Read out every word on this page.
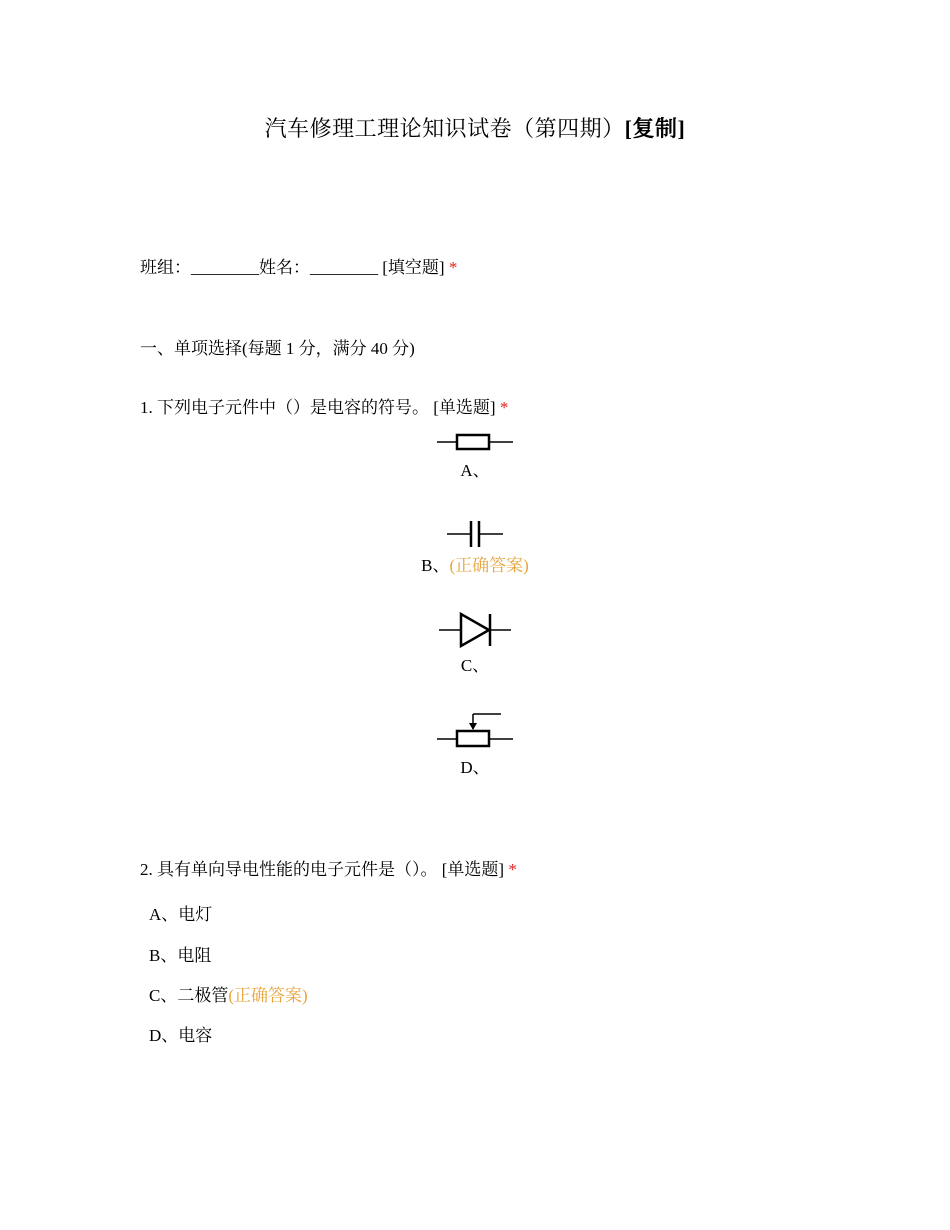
汽车修理工理论知识试卷（第四期）[复制]
班组：________姓名：________ [填空题] *
一、单项选择(每题 1 分，满分 40 分)
1. 下列电子元件中（）是电容的符号。 [单选题] *
A、
B、(正确答案)
C、
D、
2. 具有单向导电性能的电子元件是（）。 [单选题] *
A、电灯
B、电阻
C、二极管(正确答案)
D、电容
